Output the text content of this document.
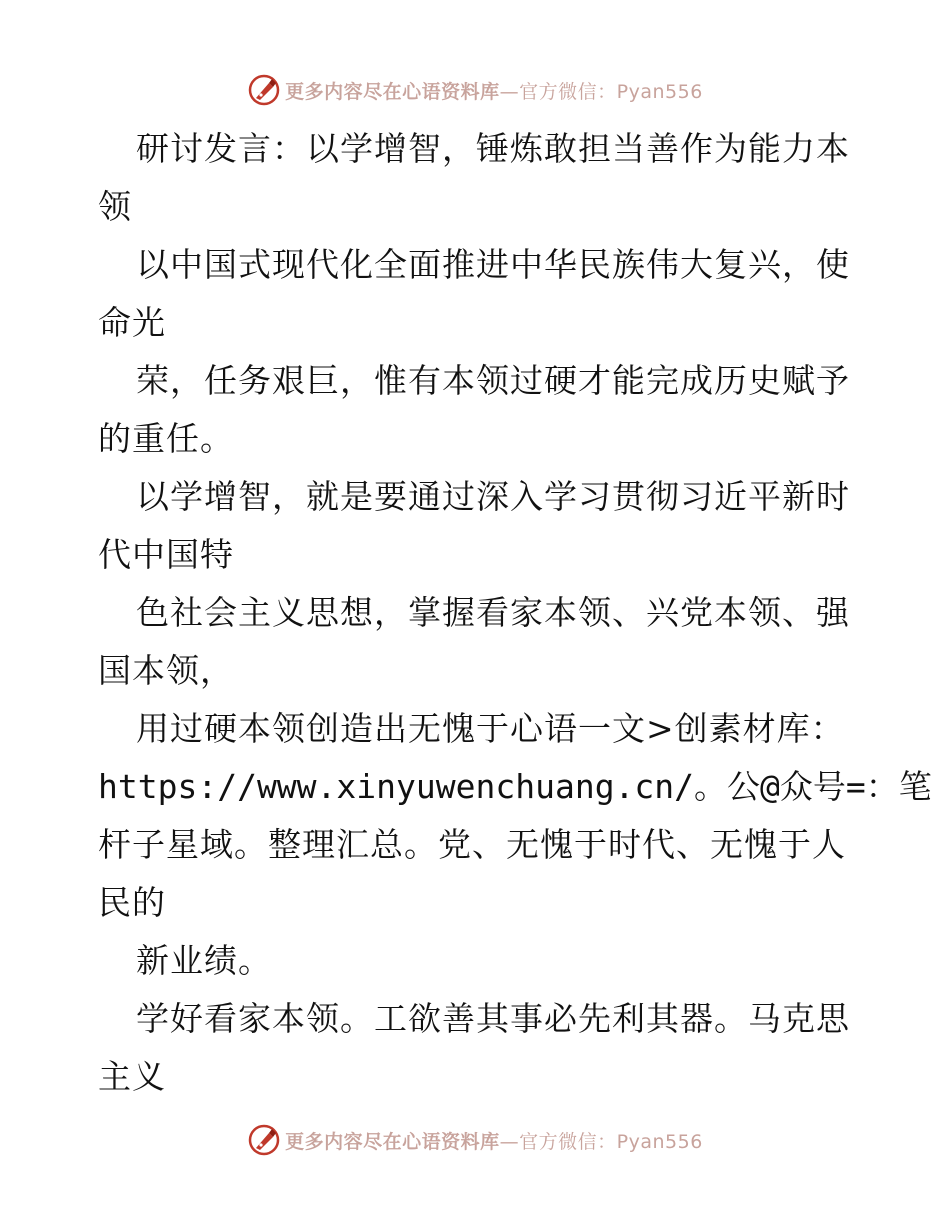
更多内容尽在心语资料库—官方微信：Pyan556
研讨发言：以学增智，锤炼敢担当善作为能力本
领
以中国式现代化全面推进中华民族伟大复兴，使
命光
荣，任务艰巨，惟有本领过硬才能完成历史赋予
的重任。
以学增智，就是要通过深入学习贯彻习近平新时
代中国特
色社会主义思想，掌握看家本领、兴党本领、强
国本领，
用过硬本领创造出无愧于心语一文>创素材库：
https://www.xinyuwenchuang.cn/。公@众号=：笔
杆子星域。整理汇总。党、无愧于时代、无愧于人
民的
新业绩。
学好看家本领。工欲善其事必先利其器。马克思
主义
更多内容尽在心语资料库—官方微信：Pyan556
